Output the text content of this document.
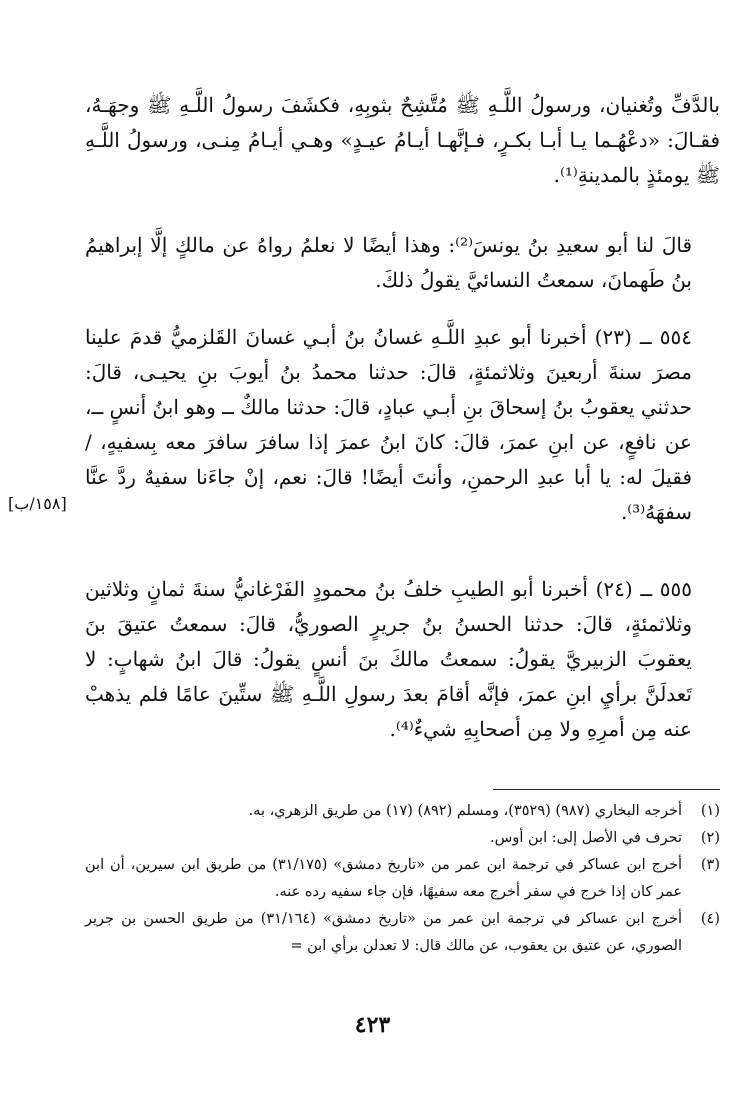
بالدَّفِّ وتُغنيان، ورسولُ اللَّـهِ ﷺ مُتَّشِحٌ بثوبِهِ، فكشَفَ رسولُ اللَّـهِ ﷺ وجهَـهُ، فقـالَ: «دعْهُـما يـا أبـا بكـرٍ، فـإنَّهـا أيـامُ عيـدٍ» وهـي أيـامُ مِنـى، ورسولُ اللَّـهِ ﷺ يومئذٍ بالمدينةِ⁽¹⁾.

قالَ لنا أبو سعيدِ بنُ يونسَ⁽²⁾: وهذا أيضًا لا نعلمُ رواهُ عن مالكٍ إلَّا إبراهيمُ بنُ طَهمانَ، سمعتُ النسائيَّ يقولُ ذلكَ.

٥٥٤ ــ (٢٣) أخبرنا أبو عبدِ اللَّـهِ غسانُ بنُ أبـي غسانَ القَلزميُّ قدمَ علينا مصرَ سنةَ أربعينَ وثلاثمئةٍ، قالَ: حدثنا محمدُ بنُ أيوبَ بنِ يحيـى، قالَ: حدثني يعقوبُ بنُ إسحاقَ بنِ أبـي عبادٍ، قالَ: حدثنا مالكٌ ــ وهو ابنُ أنسٍ ــ، عن نافعٍ، عن ابنِ عمرَ، قالَ: كانَ ابنُ عمرَ إذا سافرَ سافرَ معه بِسفيهٍ، / فقيلَ له: يا أبا عبدِ الرحمنِ، وأنتَ أيضًا! قالَ: نعم، إنْ جاءَنا سفيهٌ ردَّ عنَّا سفهَهُ⁽³⁾.

[١٥٨/ب]

٥٥٥ ــ (٢٤) أخبرنا أبو الطيبِ خلفُ بنُ محمودٍ الفَرْغانيُّ سنةَ ثمانٍ وثلاثين وثلاثمئةٍ، قالَ: حدثنا الحسنُ بنُ جريرٍ الصوريُّ، قالَ: سمعتُ عتيقَ بنَ يعقوبَ الزبيريَّ يقولُ: سمعتُ مالكَ بنَ أنسٍ يقولُ: قالَ ابنُ شهابٍ: لا تَعدلَنَّ برأيِ ابنِ عمرَ، فإنَّه أقامَ بعدَ رسولِ اللَّـهِ ﷺ ستِّينَ عامًا فلم يذهبْ عنه مِن أمرِهِ ولا مِن أصحابِهِ شيءٌ⁽⁴⁾.

(١)
أخرجه البخاري (٩٨٧) (٣٥٢٩)، ومسلم (٨٩٢) (١٧) من طريق الزهري، به.
(٢)
تحرف في الأصل إلى: ابن أوس.
(٣)
أخرج ابن عساكر في ترجمة ابن عمر من «تاريخ دمشق» (٣١/١٧٥) من طريق ابن سيرين، أن ابن عمر كان إذا خرج في سفر أخرج معه سفيهًا، فإن جاء سفيه رده عنه.
(٤)
أخرج ابن عساكر في ترجمة ابن عمر من «تاريخ دمشق» (٣١/١٦٤) من طريق الحسن بن جرير الصوري، عن عتيق بن يعقوب، عن مالك قال: لا تعدلن برأي ابن =
٤٢٣
